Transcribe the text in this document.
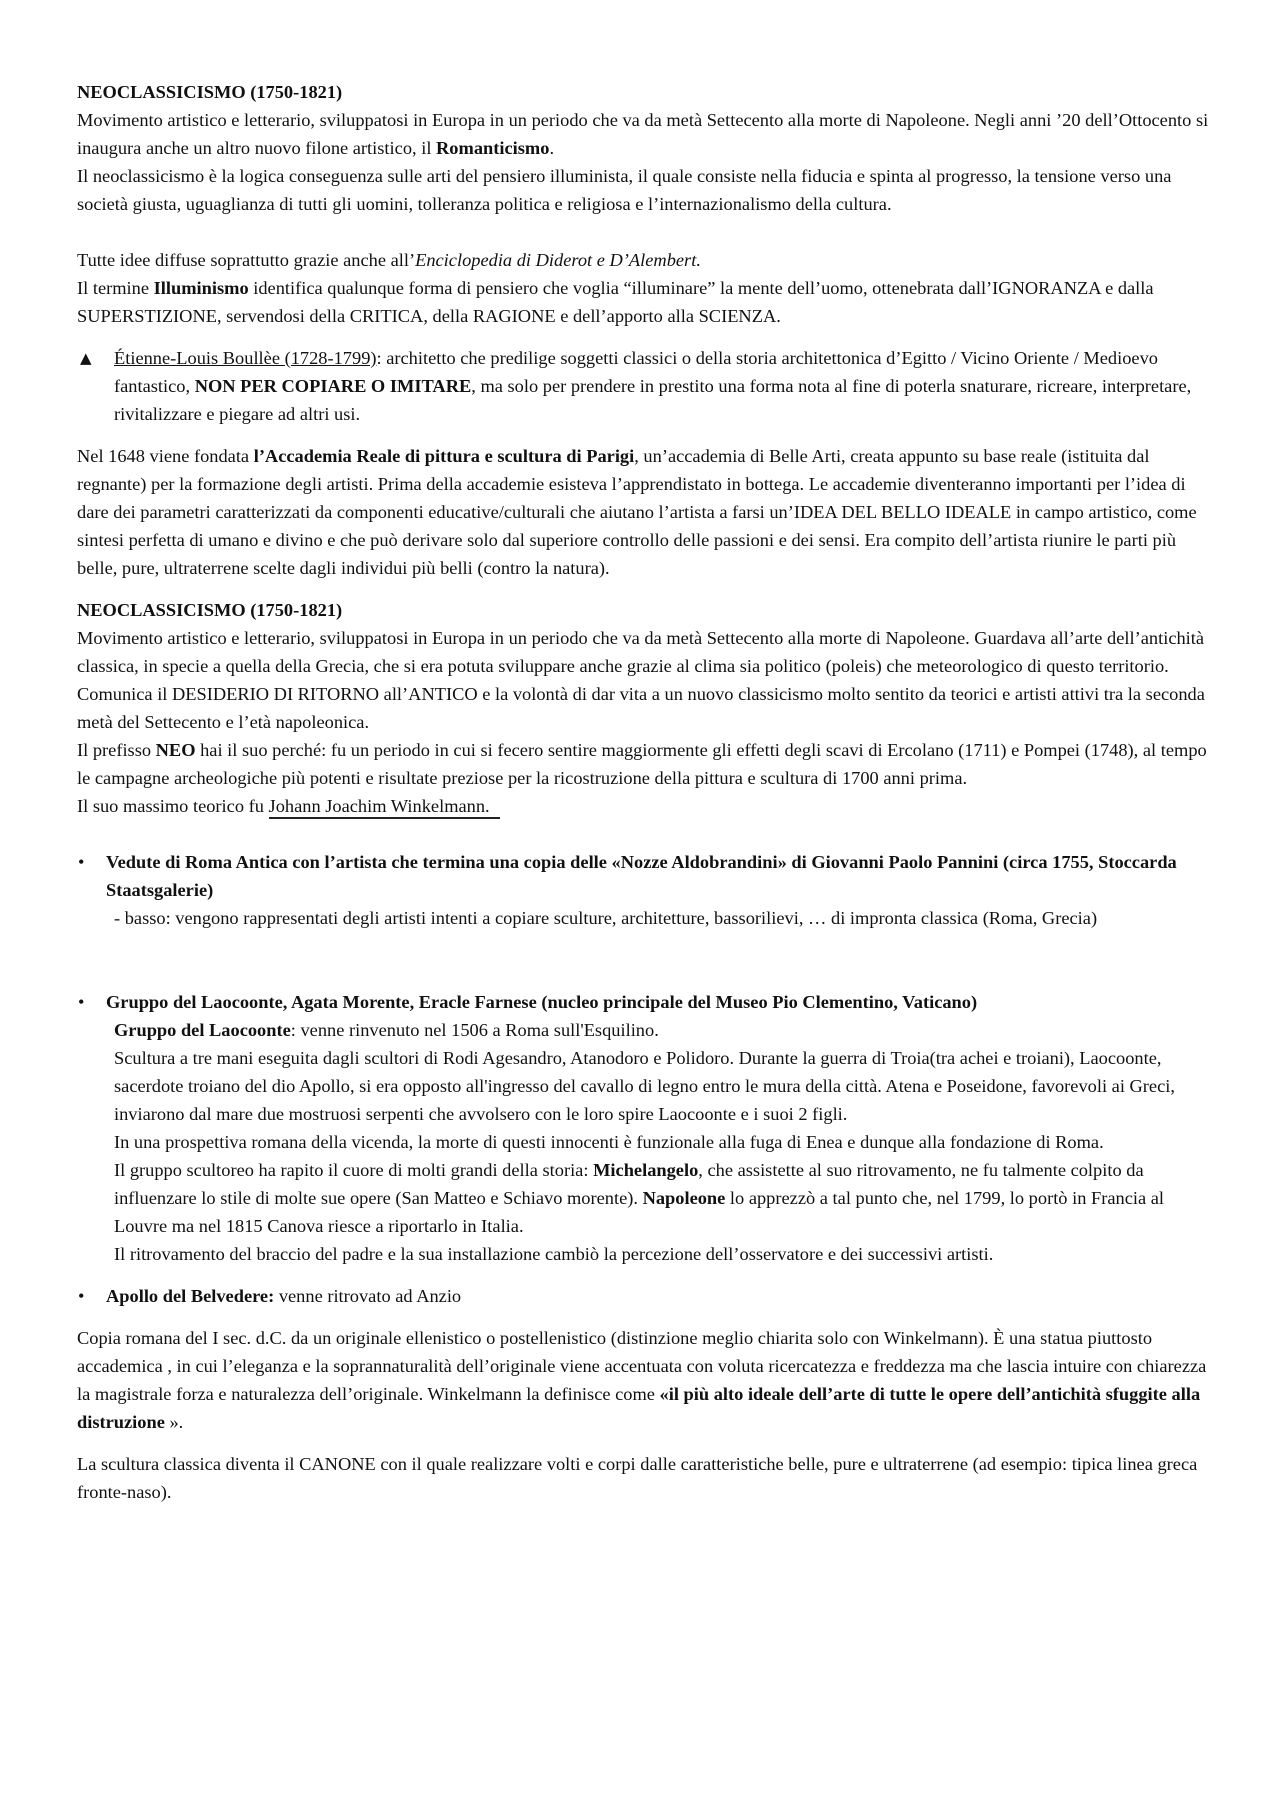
NEOCLASSICISMO (1750-1821)

Movimento artistico e letterario, sviluppatosi in Europa in un periodo che va da metà Settecento alla morte di Napoleone. Negli anni ’20 dell’Ottocento si inaugura anche un altro nuovo filone artistico, il Romanticismo.

Il neoclassicismo è la logica conseguenza sulle arti del pensiero illuminista, il quale consiste nella fiducia e spinta al progresso, la tensione verso una società giusta, uguaglianza di tutti gli uomini, tolleranza politica e religiosa e l’internazionalismo della cultura.

Tutte idee diffuse soprattutto grazie anche all’Enciclopedia di Diderot e D’Alembert.

Il termine Illuminismo identifica qualunque forma di pensiero che voglia “illuminare” la mente dell’uomo, ottenebrata dall’IGNORANZA e dalla SUPERSTIZIONE, servendosi della CRITICA, della RAGIONE e dell’apporto alla SCIENZA.

▲ Étienne-Louis Boullèe (1728-1799): architetto che predilige soggetti classici o della storia architettonica d’Egitto / Vicino Oriente / Medioevo fantastico, NON PER COPIARE O IMITARE, ma solo per prendere in prestito una forma nota al fine di poterla snaturare, ricreare, interpretare, rivitalizzare e piegare ad altri usi.

Nel 1648 viene fondata l’Accademia Reale di pittura e scultura di Parigi, un’accademia di Belle Arti, creata appunto su base reale (istituita dal regnante) per la formazione degli artisti. Prima della accademie esisteva l’apprendistato in bottega. Le accademie diventeranno importanti per l’idea di dare dei parametri caratterizzati da componenti educative/culturali che aiutano l’artista a farsi un’IDEA DEL BELLO IDEALE in campo artistico, come sintesi perfetta di umano e divino e che può derivare solo dal superiore controllo delle passioni e dei sensi. Era compito dell’artista riunire le parti più belle, pure, ultraterrene scelte dagli individui più belli (contro la natura).

NEOCLASSICISMO (1750-1821)

Movimento artistico e letterario, sviluppatosi in Europa in un periodo che va da metà Settecento alla morte di Napoleone. Guardava all’arte dell’antichità classica, in specie a quella della Grecia, che si era potuta sviluppare anche grazie al clima sia politico (poleis) che meteorologico di questo territorio. Comunica il DESIDERIO DI RITORNO all’ANTICO e la volontà di dar vita a un nuovo classicismo molto sentito da teorici e artisti attivi tra la seconda metà del Settecento e l’età napoleonica.

Il prefisso NEO hai il suo perché: fu un periodo in cui si fecero sentire maggiormente gli effetti degli scavi di Ercolano (1711) e Pompei (1748), al tempo le campagne archeologiche più potenti e risultate preziose per la ricostruzione della pittura e scultura di 1700 anni prima.

Il suo massimo teorico fu Johann Joachim Winkelmann.

• Vedute di Roma Antica con l’artista che termina una copia delle «Nozze Aldobrandini» di Giovanni Paolo Pannini (circa 1755, Stoccarda Staatsgalerie)

- basso: vengono rappresentati degli artisti intenti a copiare sculture, architetture, bassorilievi, … di impronta classica (Roma, Grecia)

• Gruppo del Laocoonte, Agata Morente, Eracle Farnese (nucleo principale del Museo Pio Clementino, Vaticano)

Gruppo del Laocoonte: venne rinvenuto nel 1506 a Roma sull'Esquilino.

Scultura a tre mani eseguita dagli scultori di Rodi Agesandro, Atanodoro e Polidoro. Durante la guerra di Troia(tra achei e troiani), Laocoonte, sacerdote troiano del dio Apollo, si era opposto all'ingresso del cavallo di legno entro le mura della città. Atena e Poseidone, favorevoli ai Greci, inviarono dal mare due mostruosi serpenti che avvolsero con le loro spire Laocoonte e i suoi 2 figli.

In una prospettiva romana della vicenda, la morte di questi innocenti è funzionale alla fuga di Enea e dunque alla fondazione di Roma.

Il gruppo scultoreo ha rapito il cuore di molti grandi della storia: Michelangelo, che assistette al suo ritrovamento, ne fu talmente colpito da influenzare lo stile di molte sue opere (San Matteo e Schiavo morente). Napoleone lo apprezzò a tal punto che, nel 1799, lo portò in Francia al Louvre ma nel 1815 Canova riesce a riportarlo in Italia.

Il ritrovamento del braccio del padre e la sua installazione cambiò la percezione dell’osservatore e dei successivi artisti.

• Apollo del Belvedere: venne ritrovato ad Anzio

Copia romana del I sec. d.C. da un originale ellenistico o postellenistico (distinzione meglio chiarita solo con Winkelmann). È una statua piuttosto accademica , in cui l’eleganza e la soprannaturalità dell’originale viene accentuata con voluta ricercatezza e freddezza ma che lascia intuire con chiarezza la magistrale forza e naturalezza dell’originale. Winkelmann la definisce come «il più alto ideale dell’arte di tutte le opere dell’antichità sfuggite alla distruzione ».

La scultura classica diventa il CANONE con il quale realizzare volti e corpi dalle caratteristiche belle, pure e ultraterrene (ad esempio: tipica linea greca fronte-naso).
